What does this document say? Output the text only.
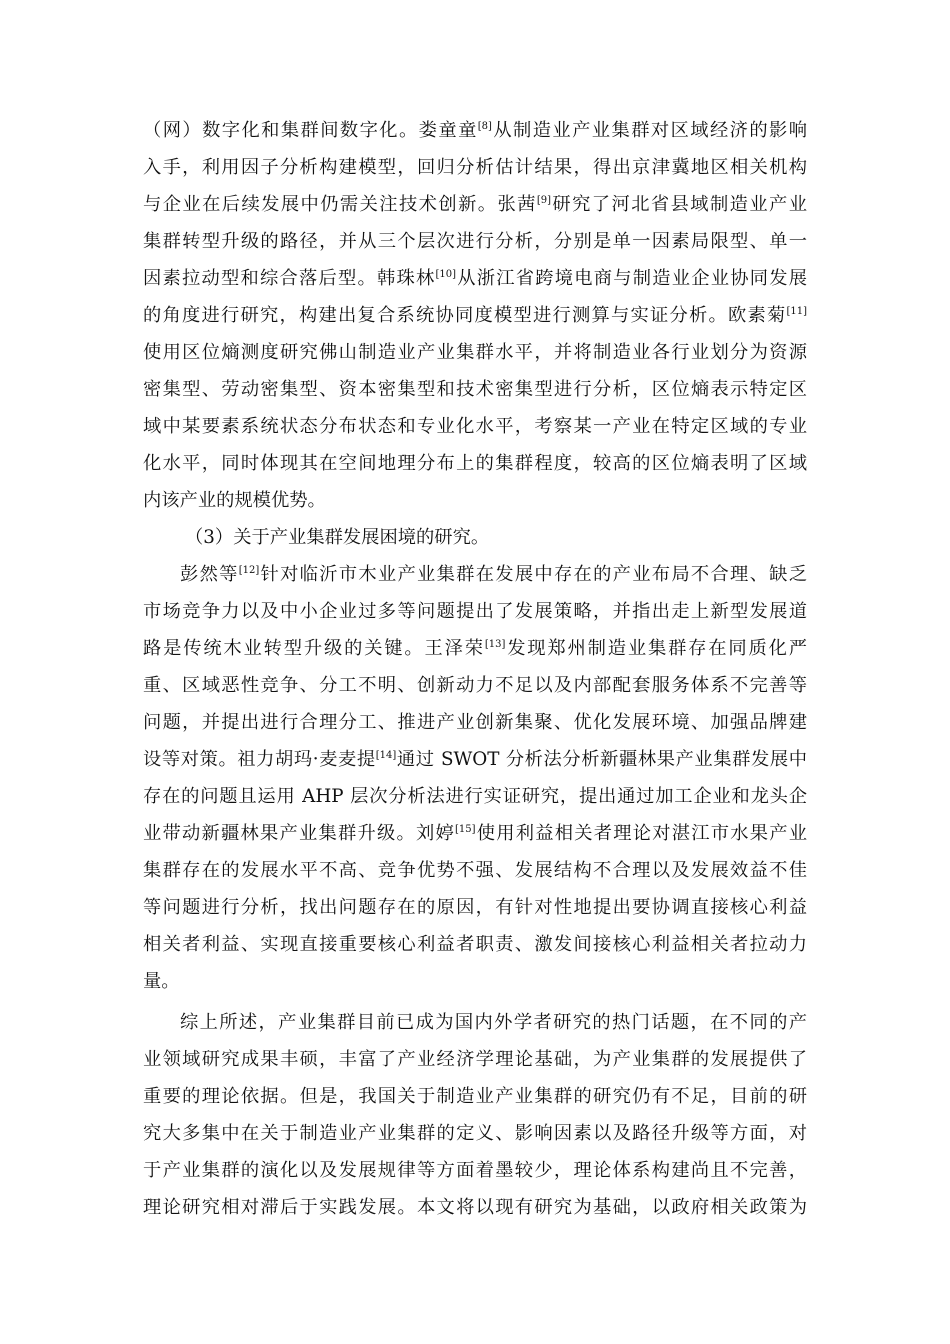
（网）数字化和集群间数字化。娄童童[8]从制造业产业集群对区域经济的影响
入手，利用因子分析构建模型，回归分析估计结果，得出京津冀地区相关机构
与企业在后续发展中仍需关注技术创新。张茜[9]研究了河北省县域制造业产业
集群转型升级的路径，并从三个层次进行分析，分别是单一因素局限型、单一
因素拉动型和综合落后型。韩珠林[10]从浙江省跨境电商与制造业企业协同发展
的角度进行研究，构建出复合系统协同度模型进行测算与实证分析。欧素菊[11]
使用区位熵测度研究佛山制造业产业集群水平，并将制造业各行业划分为资源
密集型、劳动密集型、资本密集型和技术密集型进行分析，区位熵表示特定区
域中某要素系统状态分布状态和专业化水平，考察某一产业在特定区域的专业
化水平，同时体现其在空间地理分布上的集群程度，较高的区位熵表明了区域
内该产业的规模优势。
（3）关于产业集群发展困境的研究。
彭然等[12]针对临沂市木业产业集群在发展中存在的产业布局不合理、缺乏
市场竞争力以及中小企业过多等问题提出了发展策略，并指出走上新型发展道
路是传统木业转型升级的关键。王泽荣[13]发现郑州制造业集群存在同质化严
重、区域恶性竞争、分工不明、创新动力不足以及内部配套服务体系不完善等
问题，并提出进行合理分工、推进产业创新集聚、优化发展环境、加强品牌建
设等对策。祖力胡玛·麦麦提[14]通过 SWOT 分析法分析新疆林果产业集群发展中
存在的问题且运用 AHP 层次分析法进行实证研究，提出通过加工企业和龙头企
业带动新疆林果产业集群升级。刘婷[15]使用利益相关者理论对湛江市水果产业
集群存在的发展水平不高、竞争优势不强、发展结构不合理以及发展效益不佳
等问题进行分析，找出问题存在的原因，有针对性地提出要协调直接核心利益
相关者利益、实现直接重要核心利益者职责、激发间接核心利益相关者拉动力
量。
综上所述，产业集群目前已成为国内外学者研究的热门话题，在不同的产
业领域研究成果丰硕，丰富了产业经济学理论基础，为产业集群的发展提供了
重要的理论依据。但是，我国关于制造业产业集群的研究仍有不足，目前的研
究大多集中在关于制造业产业集群的定义、影响因素以及路径升级等方面，对
于产业集群的演化以及发展规律等方面着墨较少，理论体系构建尚且不完善，
理论研究相对滞后于实践发展。本文将以现有研究为基础，以政府相关政策为
